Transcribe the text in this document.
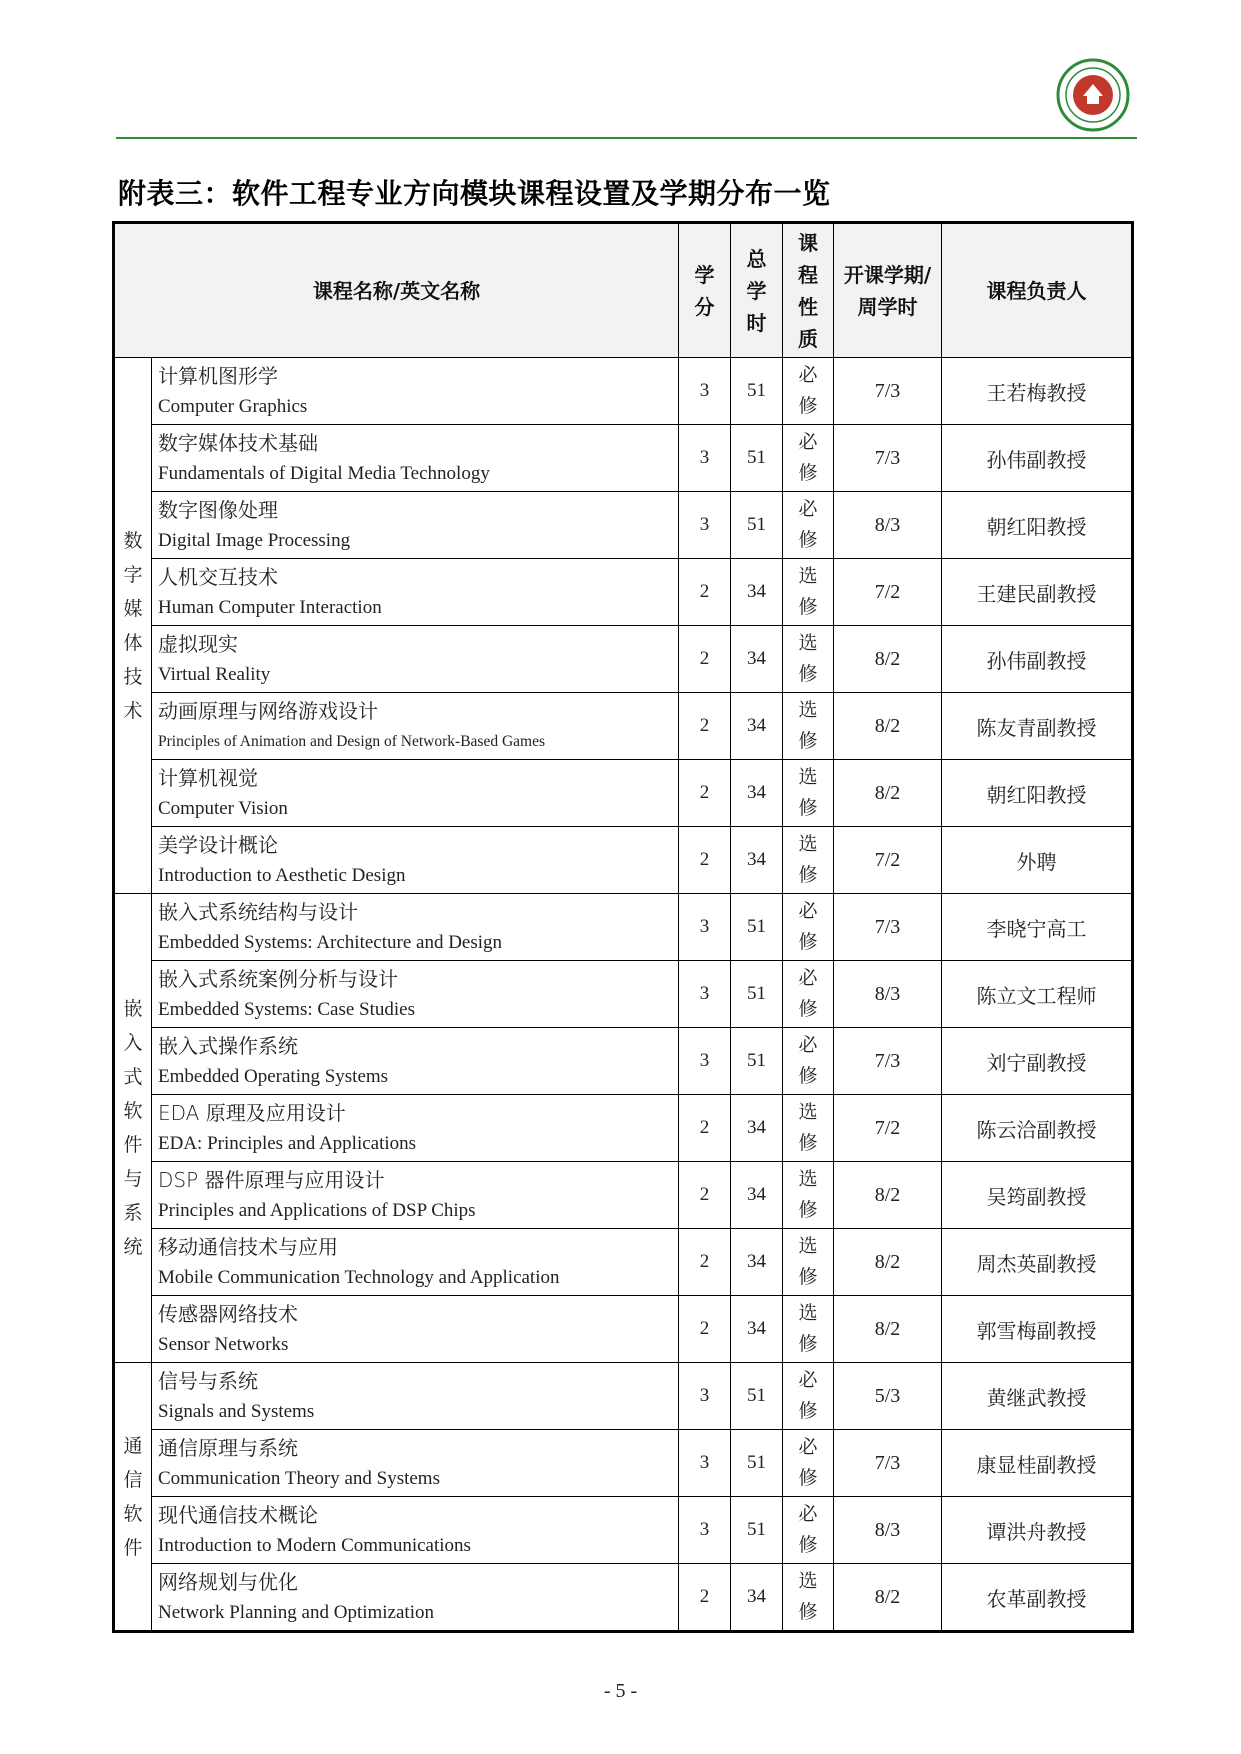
附表三：软件工程专业方向模块课程设置及学期分布一览
课程名称/英文名称		学分	总学时	课程性质	开课学期/周学时	课程负责人
数字媒体技术	计算机图形学
Computer Graphics	3	51	必修	7/3	王若梅教授

	数字媒体技术基础
Fundamentals of Digital Media Technology	3	51	必修	7/3	孙伟副教授

	数字图像处理
Digital Image Processing	3	51	必修	8/3	朝红阳教授

	人机交互技术
Human Computer Interaction	2	34	选修	7/2	王建民副教授

	虚拟现实
Virtual Reality	2	34	选修	8/2	孙伟副教授

	动画原理与网络游戏设计
Principles of Animation and Design of Network-Based Games	2	34	选修	8/2	陈友青副教授

	计算机视觉
Computer Vision	2	34	选修	8/2	朝红阳教授

	美学设计概论
Introduction to Aesthetic Design	2	34	选修	7/2	外聘
嵌入式软件与系统	嵌入式系统结构与设计
Embedded Systems: Architecture and Design	3	51	必修	7/3	李晓宁高工

	嵌入式系统案例分析与设计
Embedded Systems: Case Studies	3	51	必修	8/3	陈立文工程师

	嵌入式操作系统
Embedded Operating Systems	3	51	必修	7/3	刘宁副教授

	EDA 原理及应用设计
EDA: Principles and Applications	2	34	选修	7/2	陈云洽副教授

	DSP 器件原理与应用设计
Principles and Applications of DSP Chips	2	34	选修	8/2	吴筠副教授

	移动通信技术与应用
Mobile Communication Technology and Application	2	34	选修	8/2	周杰英副教授

	传感器网络技术
Sensor Networks	2	34	选修	8/2	郭雪梅副教授
通信软件	信号与系统
Signals and Systems	3	51	必修	5/3	黄继武教授

	通信原理与系统
Communication Theory and Systems	3	51	必修	7/3	康显桂副教授

	现代通信技术概论
Introduction to Modern Communications	3	51	必修	8/3	谭洪舟教授

	网络规划与优化
Network Planning and Optimization	2	34	选修	8/2	农革副教授
- 5 -
